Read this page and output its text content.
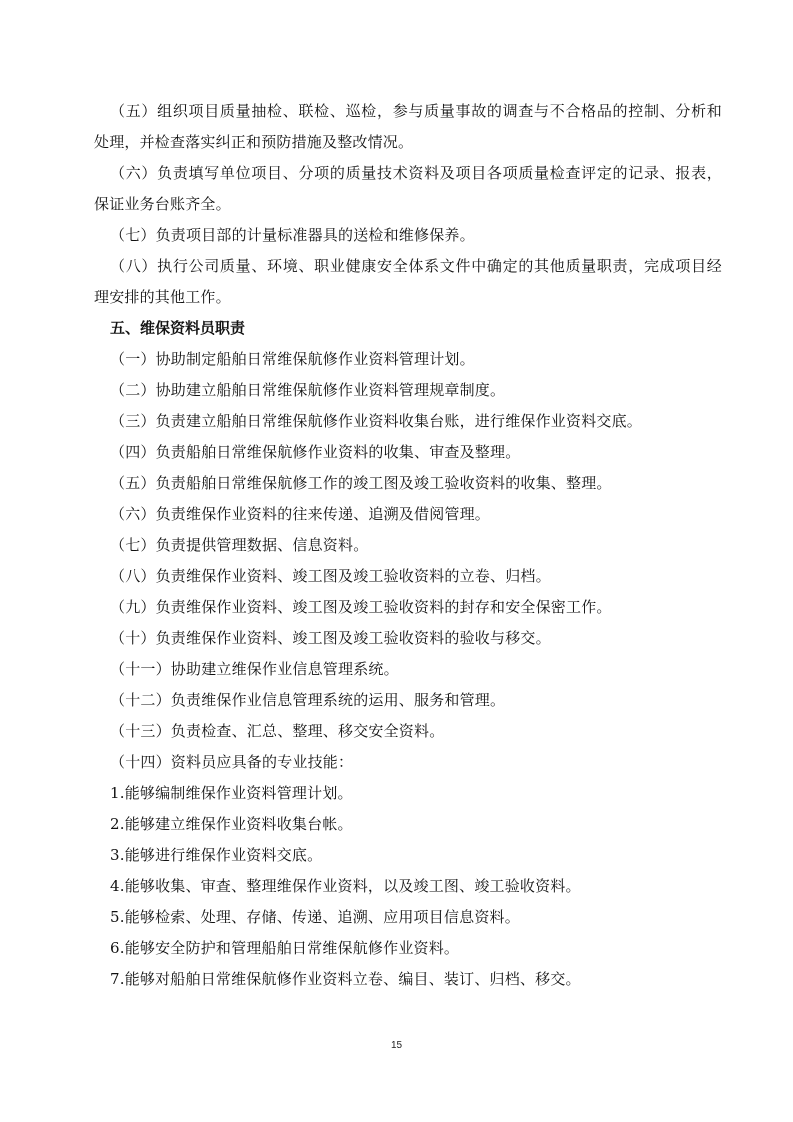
（五）组织项目质量抽检、联检、巡检，参与质量事故的调查与不合格品的控制、分析和

处理，并检查落实纠正和预防措施及整改情况。

（六）负责填写单位项目、分项的质量技术资料及项目各项质量检查评定的记录、报表，

保证业务台账齐全。

（七）负责项目部的计量标准器具的送检和维修保养。

（八）执行公司质量、环境、职业健康安全体系文件中确定的其他质量职责，完成项目经

理安排的其他工作。

五、维保资料员职责

（一）协助制定船舶日常维保航修作业资料管理计划。

（二）协助建立船舶日常维保航修作业资料管理规章制度。

（三）负责建立船舶日常维保航修作业资料收集台账，进行维保作业资料交底。

（四）负责船舶日常维保航修作业资料的收集、审查及整理。

（五）负责船舶日常维保航修工作的竣工图及竣工验收资料的收集、整理。

（六）负责维保作业资料的往来传递、追溯及借阅管理。

（七）负责提供管理数据、信息资料。

（八）负责维保作业资料、竣工图及竣工验收资料的立卷、归档。

（九）负责维保作业资料、竣工图及竣工验收资料的封存和安全保密工作。

（十）负责维保作业资料、竣工图及竣工验收资料的验收与移交。

（十一）协助建立维保作业信息管理系统。

（十二）负责维保作业信息管理系统的运用、服务和管理。

（十三）负责检查、汇总、整理、移交安全资料。

（十四）资料员应具备的专业技能：

1.能够编制维保作业资料管理计划。

2.能够建立维保作业资料收集台帐。

3.能够进行维保作业资料交底。

4.能够收集、审查、整理维保作业资料，以及竣工图、竣工验收资料。

5.能够检索、处理、存储、传递、追溯、应用项目信息资料。

6.能够安全防护和管理船舶日常维保航修作业资料。

7.能够对船舶日常维保航修作业资料立卷、编目、装订、归档、移交。

15
